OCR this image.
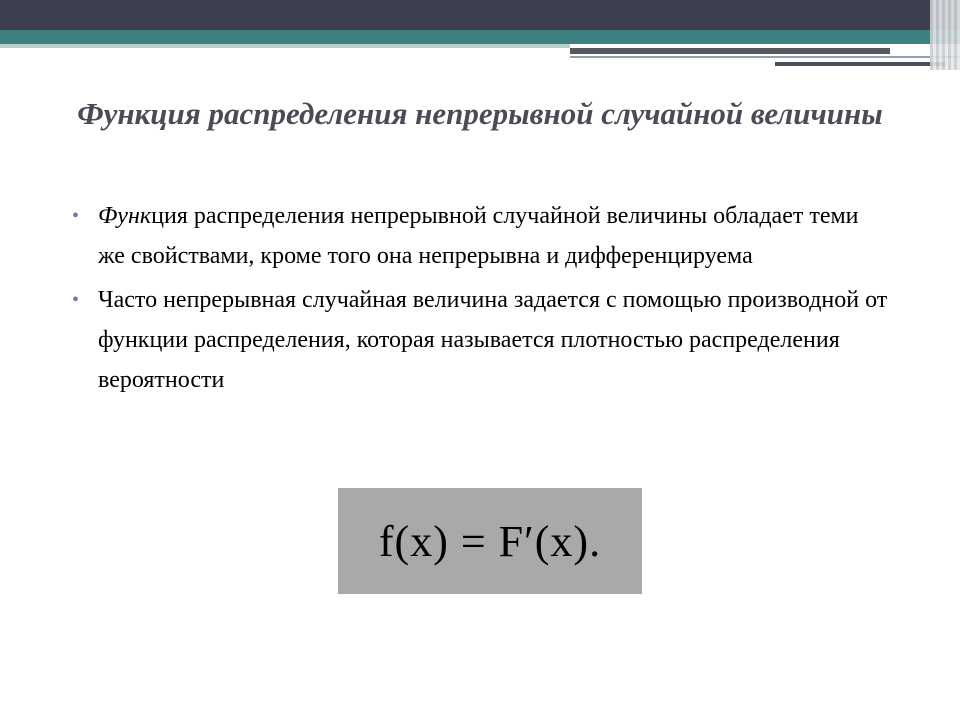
Функция распределения непрерывной случайной величины
• Функция распределения непрерывной случайной величины обладает теми же свойствами, кроме того она непрерывна и дифференцируема
• Часто непрерывная случайная величина задается с помощью производной от функции распределения, которая называется плотностью распределения вероятности
f(x) = F′(x).
